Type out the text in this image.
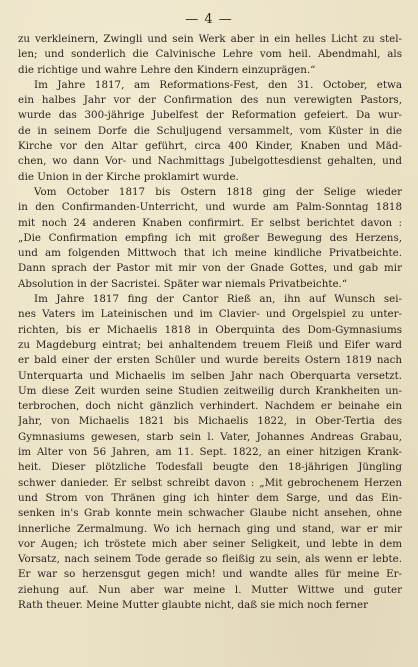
— 4 —
zu verkleinern, Zwingli und sein Werk aber in ein helles Licht zu stel-
len; und sonderlich die Calvinische Lehre vom heil. Abendmahl, als
die richtige und wahre Lehre den Kindern einzuprägen.“
Im Jahre 1817, am Reformations-Fest, den 31. October, etwa
ein halbes Jahr vor der Confirmation des nun verewigten Pastors,
wurde das 300-jährige Jubelfest der Reformation gefeiert. Da wur-
de in seinem Dorfe die Schuljugend versammelt, vom Küster in die
Kirche vor den Altar geführt, circa 400 Kinder, Knaben und Mäd-
chen, wo dann Vor- und Nachmittags Jubelgottesdienst gehalten, und
die Union in der Kirche proklamirt wurde.
Vom October 1817 bis Ostern 1818 ging der Selige wieder
in den Confirmanden-Unterricht, und wurde am Palm-Sonntag 1818
mit noch 24 anderen Knaben confirmirt. Er selbst berichtet davon :
„Die Confirmation empfing ich mit großer Bewegung des Herzens,
und am folgenden Mittwoch that ich meine kindliche Privatbeichte.
Dann sprach der Pastor mit mir von der Gnade Gottes, und gab mir
Absolution in der Sacristei. Später war niemals Privatbeichte.“
Im Jahre 1817 fing der Cantor Rieß an, ihn auf Wunsch sei-
nes Vaters im Lateinischen und im Clavier- und Orgelspiel zu unter-
richten, bis er Michaelis 1818 in Oberquinta des Dom-Gymnasiums
zu Magdeburg eintrat; bei anhaltendem treuem Fleiß und Eifer ward
er bald einer der ersten Schüler und wurde bereits Ostern 1819 nach
Unterquarta und Michaelis im selben Jahr nach Oberquarta versetzt.
Um diese Zeit wurden seine Studien zeitweilig durch Krankheiten un-
terbrochen, doch nicht gänzlich verhindert. Nachdem er beinahe ein
Jahr, von Michaelis 1821 bis Michaelis 1822, in Ober-Tertia des
Gymnasiums gewesen, starb sein l. Vater, Johannes Andreas Grabau,
im Alter von 56 Jahren, am 11. Sept. 1822, an einer hitzigen Krank-
heit. Dieser plötzliche Todesfall beugte den 18-jährigen Jüngling
schwer danieder. Er selbst schreibt davon : „Mit gebrochenem Herzen
und Strom von Thränen ging ich hinter dem Sarge, und das Ein-
senken in's Grab konnte mein schwacher Glaube nicht ansehen, ohne
innerliche Zermalmung. Wo ich hernach ging und stand, war er mir
vor Augen; ich tröstete mich aber seiner Seligkeit, und lebte in dem
Vorsatz, nach seinem Tode gerade so fleißig zu sein, als wenn er lebte.
Er war so herzensgut gegen mich! und wandte alles für meine Er-
ziehung auf. Nun aber war meine l. Mutter Wittwe und guter
Rath theuer. Meine Mutter glaubte nicht, daß sie mich noch ferner
